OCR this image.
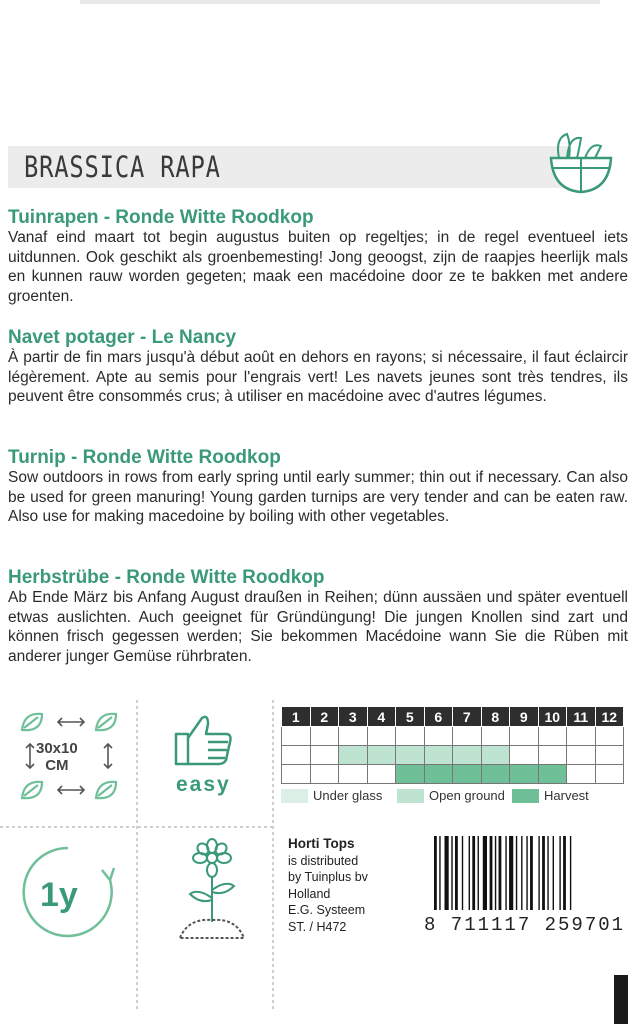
BRASSICA RAPA
Tuinrapen - Ronde Witte Roodkop

Vanaf eind maart tot begin augustus buiten op regeltjes; in de regel eventueel iets uitdunnen. Ook geschikt als groenbemesting! Jong geoogst, zijn de raapjes heerlijk mals en kunnen rauw worden gegeten; maak een macédoine door ze te bakken met andere groenten.

Navet potager - Le Nancy

À partir de fin mars jusqu'à début août en dehors en rayons; si nécessaire, il faut éclaircir légèrement. Apte au semis pour l'engrais vert! Les navets jeunes sont très tendres, ils peuvent être consommés crus; à utiliser en macédoine avec d'autres légumes.

Turnip - Ronde Witte Roodkop

Sow outdoors in rows from early spring until early summer; thin out if necessary. Can also be used for green manuring! Young garden turnips are very tender and can be eaten raw. Also use for making macedoine by boiling with other vegetables.

Herbstrübe - Ronde Witte Roodkop

Ab Ende März bis Anfang August draußen in Reihen; dünn aussäen und später eventuell etwas auslichten. Auch geeignet für Gründüngung! Die jungen Knollen sind zart und können frisch gegessen werden; Sie bekommen Macédoine wann Sie die Rüben mit anderer junger Gemüse rührbraten.

30x10
CM
easy
1y
1	2	3	4	5	6	7	8	9	10	11	12

Under glass	Open ground	Harvest
Horti Tops
is distributed
by Tuinplus bv
Holland
E.G. Systeem
ST. / H472	8 711117 259701
